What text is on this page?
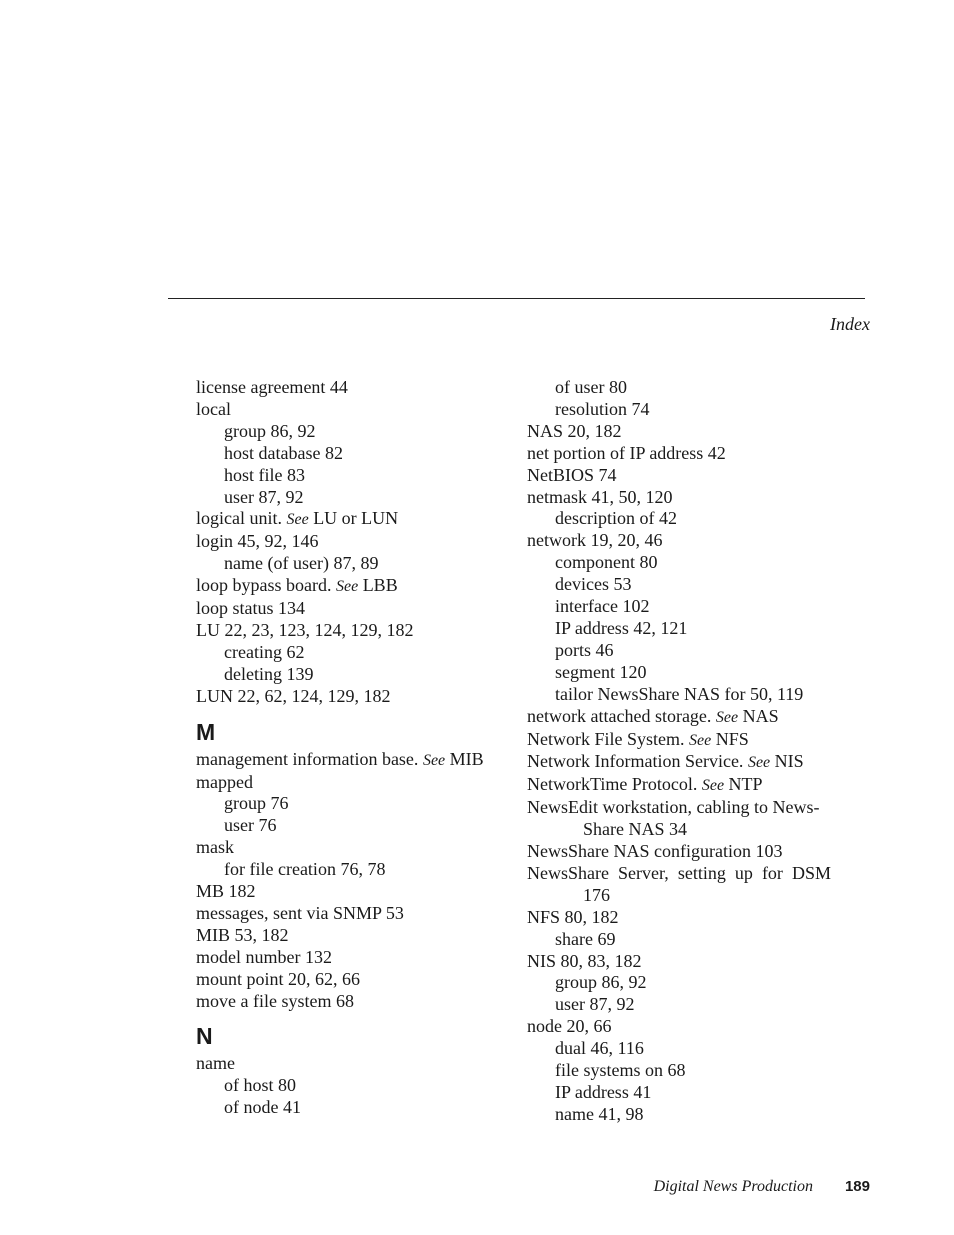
Index
license agreement 44
local
group 86, 92
host database 82
host file 83
user 87, 92
logical unit. See LU or LUN
login 45, 92, 146
name (of user) 87, 89
loop bypass board. See LBB
loop status 134
LU 22, 23, 123, 124, 129, 182
creating 62
deleting 139
LUN 22, 62, 124, 129, 182
M
management information base. See MIB
mapped
group 76
user 76
mask
for file creation 76, 78
MB 182
messages, sent via SNMP 53
MIB 53, 182
model number 132
mount point 20, 62, 66
move a file system 68
N
name
of host 80
of node 41
of user 80
resolution 74
NAS 20, 182
net portion of IP address 42
NetBIOS 74
netmask 41, 50, 120
description of 42
network 19, 20, 46
component 80
devices 53
interface 102
IP address 42, 121
ports 46
segment 120
tailor NewsShare NAS for 50, 119
network attached storage. See NAS
Network File System. See NFS
Network Information Service. See NIS
NetworkTime Protocol. See NTP
NewsEdit workstation, cabling to News-Share NAS 34
NewsShare NAS configuration 103
NewsShare Server, setting up for DSM 176
NFS 80, 182
share 69
NIS 80, 83, 182
group 86, 92
user 87, 92
node 20, 66
dual 46, 116
file systems on 68
IP address 41
name 41, 98
Digital News Production 189
